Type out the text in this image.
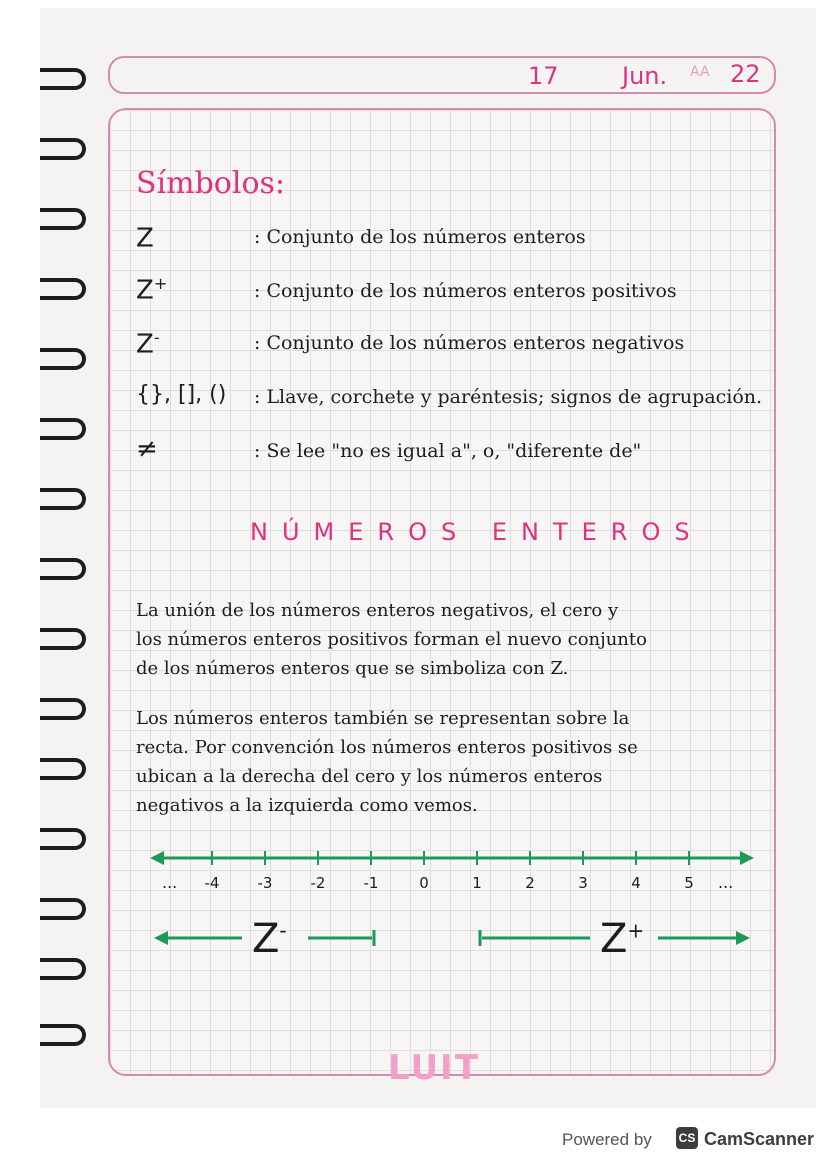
17	Jun. AA 22
Símbolos:
Z	: Conjunto de los números enteros
Z+	: Conjunto de los números enteros positivos
Z-	: Conjunto de los números enteros negativos
{}, [], ()	: Llave, corchete y paréntesis; signos de agrupación.
≠	: Se lee "no es igual a", o, "diferente de"
NÚMEROS ENTEROS
La unión de los números enteros negativos, el cero y
los números enteros positivos forman el nuevo conjunto
de los números enteros que se simboliza con Z.
Los números enteros también se representan sobre la
recta. Por convención los números enteros positivos se
ubican a la derecha del cero y los números enteros
negativos a la izquierda como vemos.
-4	-3	-2	-1	0	1	2	3	4	5
...	...
Z-	Z+
LUIT
Powered by CS CamScanner
